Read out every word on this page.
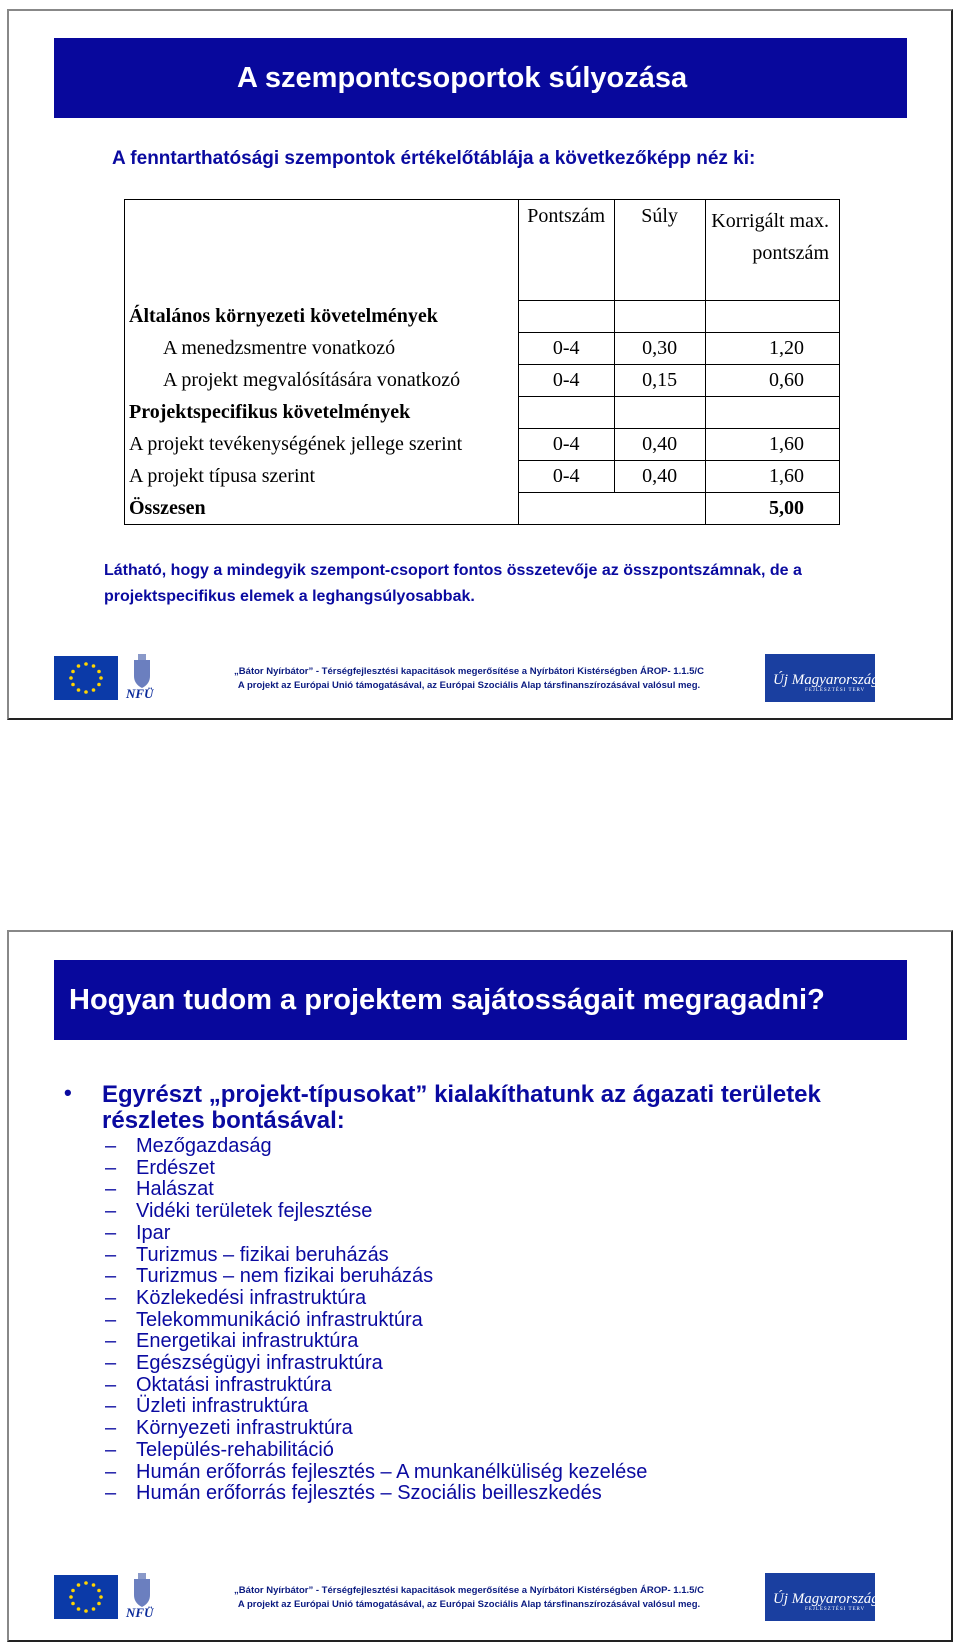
A szempontcsoportok súlyozása
A fenntarthatósági szempontok értékelőtáblája a következőképp néz ki:
	Pontszám	Súly	Korrigált max. pontszám
Általános környezeti követelmények			
A menedzsmentre vonatkozó	0-4	0,30	1,20
A projekt megvalósítására vonatkozó	0-4	0,15	0,60
Projektspecifikus követelmények			
A projekt tevékenységének jellege szerint	0-4	0,40	1,60
A projekt típusa szerint	0-4	0,40	1,60
Összesen			5,00
Látható, hogy a mindegyik szempont-csoport fontos összetevője az összpontszámnak, de a projektspecifikus elemek a leghangsúlyosabbak.
NFÜ
„Bátor Nyírbátor” - Térségfejlesztési kapacitások megerősítése a Nyírbátori Kistérségben ÁROP- 1.1.5/C
A projekt az Európai Unió támogatásával, az Európai Szociális Alap társfinanszírozásával valósul meg.	Új Magyarország
FEJLESZTÉSI TERV
Hogyan tudom a projektem sajátosságait megragadni?
•	Egyrészt „projekt-típusokat” kialakíthatunk az ágazati területek részletes bontásával:
– Mezőgazdaság
– Erdészet
– Halászat
– Vidéki területek fejlesztése
– Ipar
– Turizmus – fizikai beruházás
– Turizmus – nem fizikai beruházás
– Közlekedési infrastruktúra
– Telekommunikáció infrastruktúra
– Energetikai infrastruktúra
– Egészségügyi infrastruktúra
– Oktatási infrastruktúra
– Üzleti infrastruktúra
– Környezeti infrastruktúra
– Település-rehabilitáció
– Humán erőforrás fejlesztés – A munkanélküliség kezelése
– Humán erőforrás fejlesztés – Szociális beilleszkedés
NFÜ
„Bátor Nyírbátor” - Térségfejlesztési kapacitások megerősítése a Nyírbátori Kistérségben ÁROP- 1.1.5/C
A projekt az Európai Unió támogatásával, az Európai Szociális Alap társfinanszírozásával valósul meg.	Új Magyarország
FEJLESZTÉSI TERV
